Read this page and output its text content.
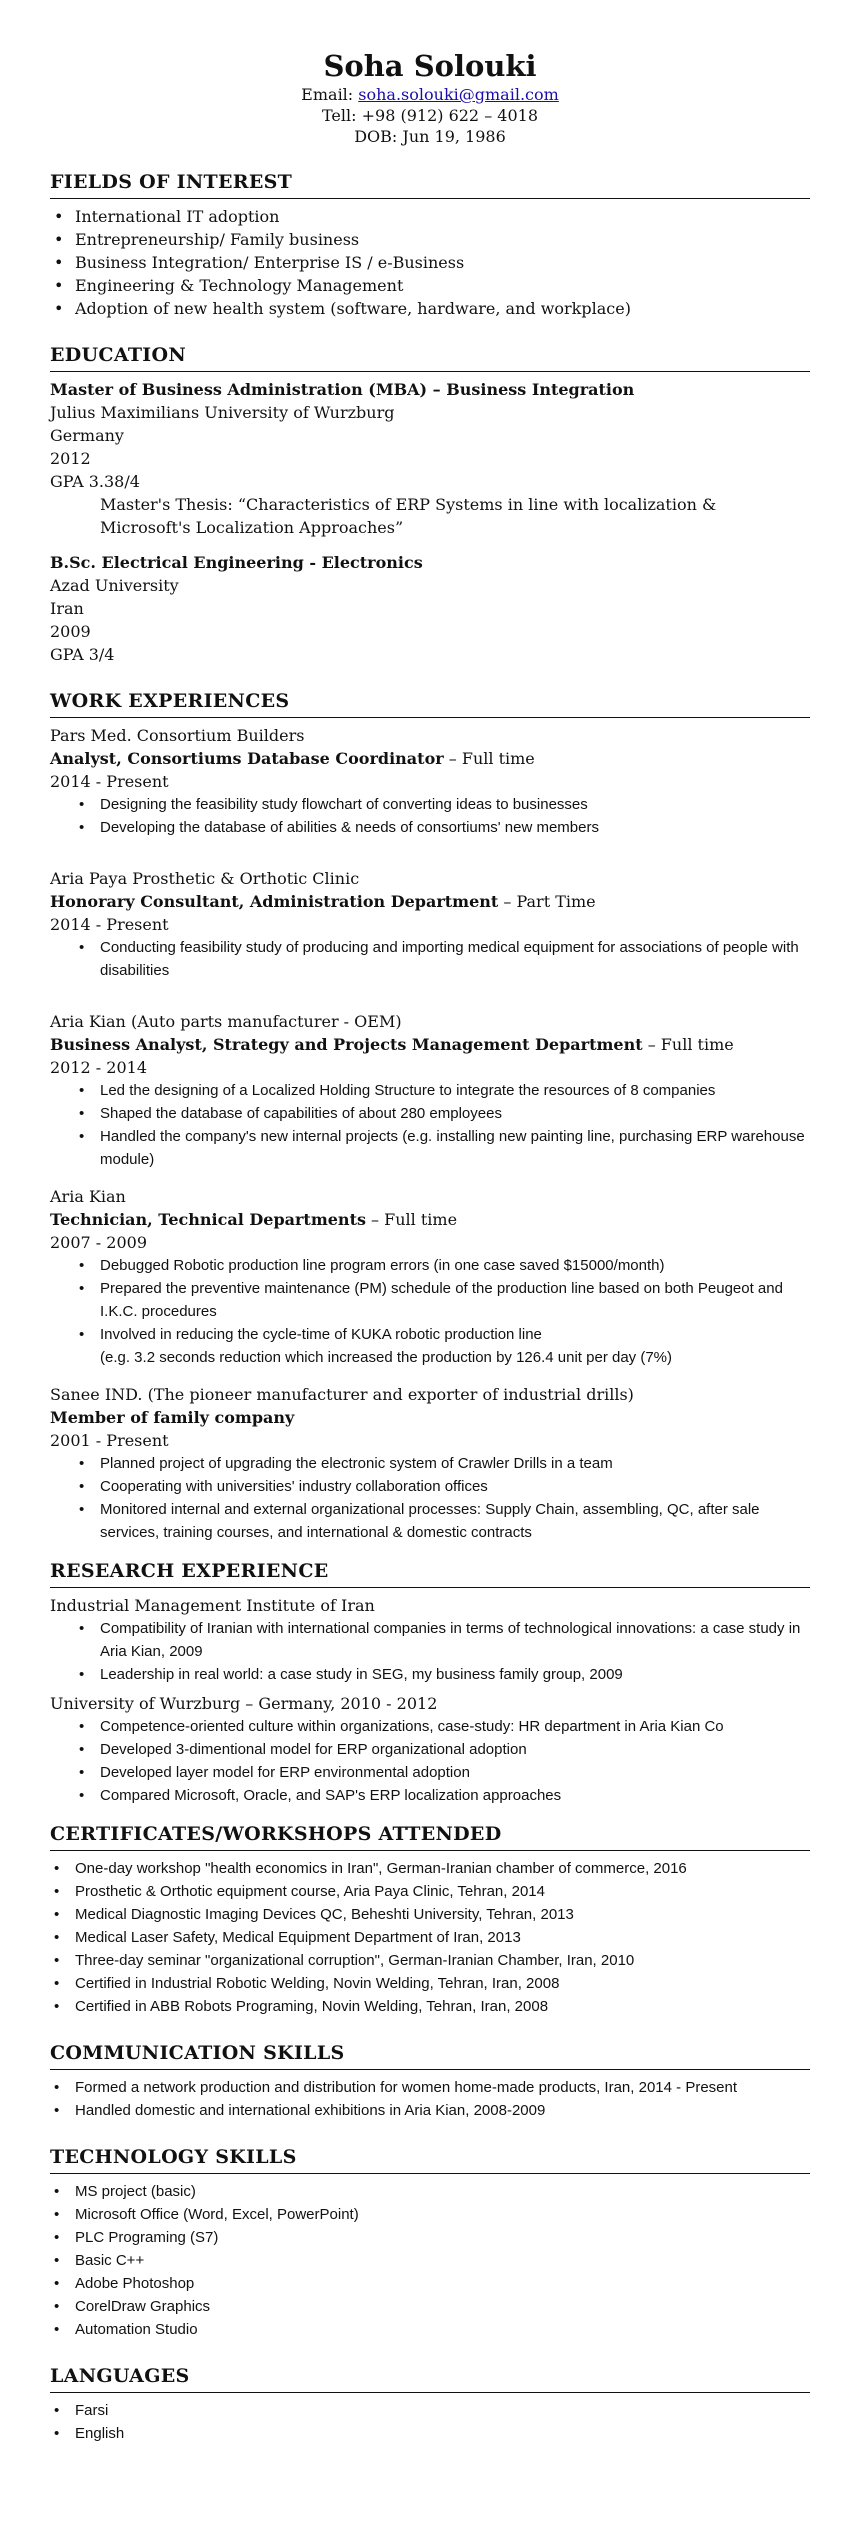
Soha Solouki
Email: soha.solouki@gmail.com
Tell: +98 (912) 622 – 4018
DOB: Jun 19, 1986
FIELDS OF INTEREST
• International IT adoption
• Entrepreneurship/ Family business
• Business Integration/ Enterprise IS / e-Business
• Engineering & Technology Management
• Adoption of new health system (software, hardware, and workplace)
EDUCATION
Master of Business Administration (MBA) – Business Integration
Julius Maximilians University of Wurzburg
Germany
2012
GPA 3.38/4
Master's Thesis: “Characteristics of ERP Systems in line with localization & Microsoft's Localization Approaches”
B.Sc. Electrical Engineering - Electronics
Azad University
Iran
2009
GPA 3/4
WORK EXPERIENCES
Pars Med. Consortium Builders
Analyst, Consortiums Database Coordinator – Full time
2014 - Present
• Designing the feasibility study flowchart of converting ideas to businesses
• Developing the database of abilities & needs of consortiums' new members
Aria Paya Prosthetic & Orthotic Clinic
Honorary Consultant, Administration Department – Part Time
2014 - Present
• Conducting feasibility study of producing and importing medical equipment for associations of people with disabilities
Aria Kian (Auto parts manufacturer - OEM)
Business Analyst, Strategy and Projects Management Department – Full time
2012 - 2014
• Led the designing of a Localized Holding Structure to integrate the resources of 8 companies
• Shaped the database of capabilities of about 280 employees
• Handled the company's new internal projects (e.g. installing new painting line, purchasing ERP warehouse module)
Aria Kian
Technician, Technical Departments – Full time
2007 - 2009
• Debugged Robotic production line program errors (in one case saved $15000/month)
• Prepared the preventive maintenance (PM) schedule of the production line based on both Peugeot and I.K.C. procedures
• Involved in reducing the cycle-time of KUKA robotic production line
(e.g. 3.2 seconds reduction which increased the production by 126.4 unit per day (7%)
Sanee IND. (The pioneer manufacturer and exporter of industrial drills)
Member of family company
2001 - Present
• Planned project of upgrading the electronic system of Crawler Drills in a team
• Cooperating with universities' industry collaboration offices
• Monitored internal and external organizational processes: Supply Chain, assembling, QC, after sale services, training courses, and international & domestic contracts
RESEARCH EXPERIENCE
Industrial Management Institute of Iran
• Compatibility of Iranian with international companies in terms of technological innovations: a case study in Aria Kian, 2009
• Leadership in real world: a case study in SEG, my business family group, 2009
University of Wurzburg – Germany, 2010 - 2012
• Competence-oriented culture within organizations, case-study: HR department in Aria Kian Co
• Developed 3-dimentional model for ERP organizational adoption
• Developed layer model for ERP environmental adoption
• Compared Microsoft, Oracle, and SAP's ERP localization approaches
CERTIFICATES/WORKSHOPS ATTENDED
• One-day workshop "health economics in Iran", German-Iranian chamber of commerce, 2016
• Prosthetic & Orthotic equipment course, Aria Paya Clinic, Tehran, 2014
• Medical Diagnostic Imaging Devices QC, Beheshti University, Tehran, 2013
• Medical Laser Safety, Medical Equipment Department of Iran, 2013
• Three-day seminar "organizational corruption", German-Iranian Chamber, Iran, 2010
• Certified in Industrial Robotic Welding, Novin Welding, Tehran, Iran, 2008
• Certified in ABB Robots Programing, Novin Welding, Tehran, Iran, 2008
COMMUNICATION SKILLS
• Formed a network production and distribution for women home-made products, Iran, 2014 - Present
• Handled domestic and international exhibitions in Aria Kian, 2008-2009
TECHNOLOGY SKILLS
• MS project (basic)
• Microsoft Office (Word, Excel, PowerPoint)
• PLC Programing (S7)
• Basic C++
• Adobe Photoshop
• CorelDraw Graphics
• Automation Studio
LANGUAGES
• Farsi
• English
